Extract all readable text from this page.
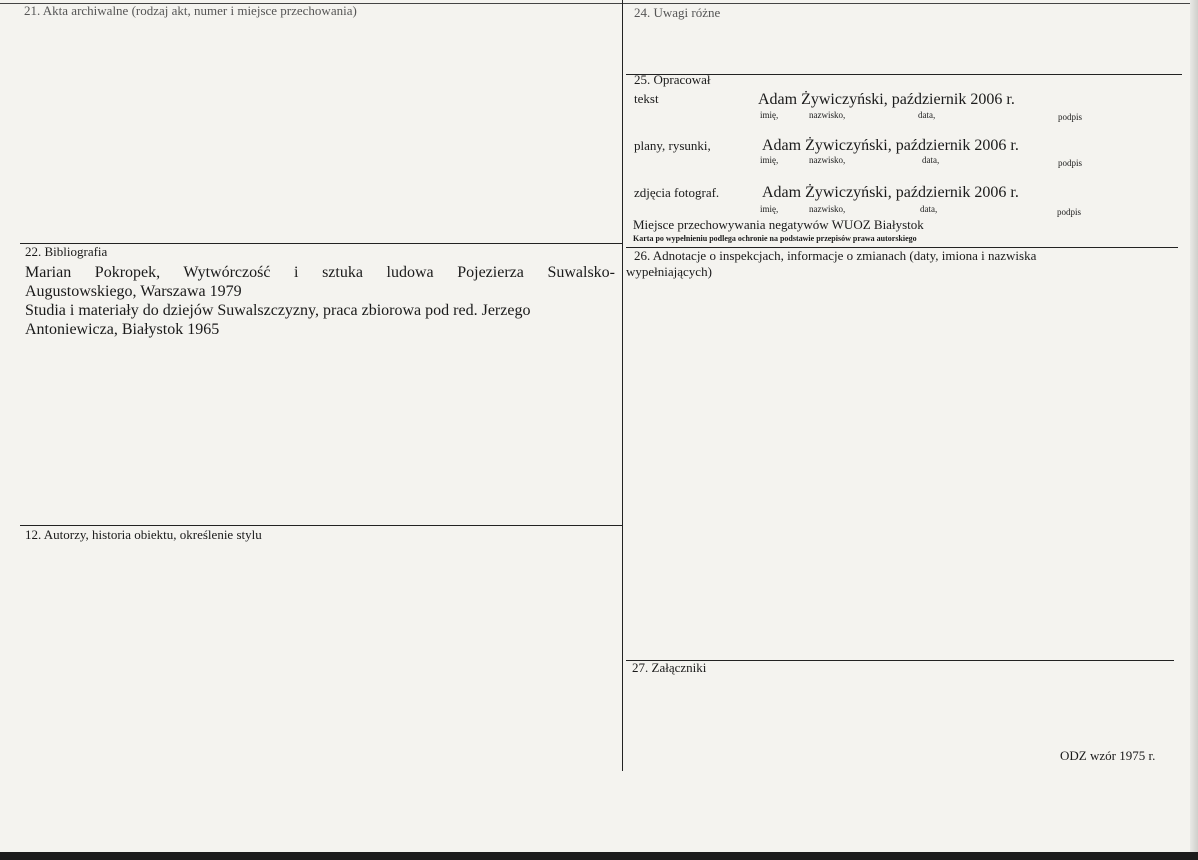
21. Akta archiwalne (rodzaj akt, numer i miejsce przechowania)
22. Bibliografia
Marian Pokropek, Wytwórczość i sztuka ludowa Pojezierza Suwalsko-
Augustowskiego, Warszawa 1979
Studia i materiały do dziejów Suwalszczyzny, praca zbiorowa pod red. Jerzego
Antoniewicza, Białystok 1965
12. Autorzy, historia obiektu, określenie stylu
24. Uwagi różne
25. Opracował
tekst	Adam Żywiczyński, październik 2006 r.
imię,	nazwisko,	data,	podpis
plany, rysunki,	Adam Żywiczyński, październik 2006 r.
imię,	nazwisko,	data,	podpis
zdjęcia fotograf.	Adam Żywiczyński, październik 2006 r.
imię,	nazwisko,	data,	podpis
Miejsce przechowywania negatywów WUOZ Białystok
Karta po wypełnieniu podlega ochronie na podstawie przepisów prawa autorskiego
26. Adnotacje o inspekcjach, informacje o zmianach (daty, imiona i nazwiska
wypełniających)
27. Załączniki
ODZ wzór 1975 r.
